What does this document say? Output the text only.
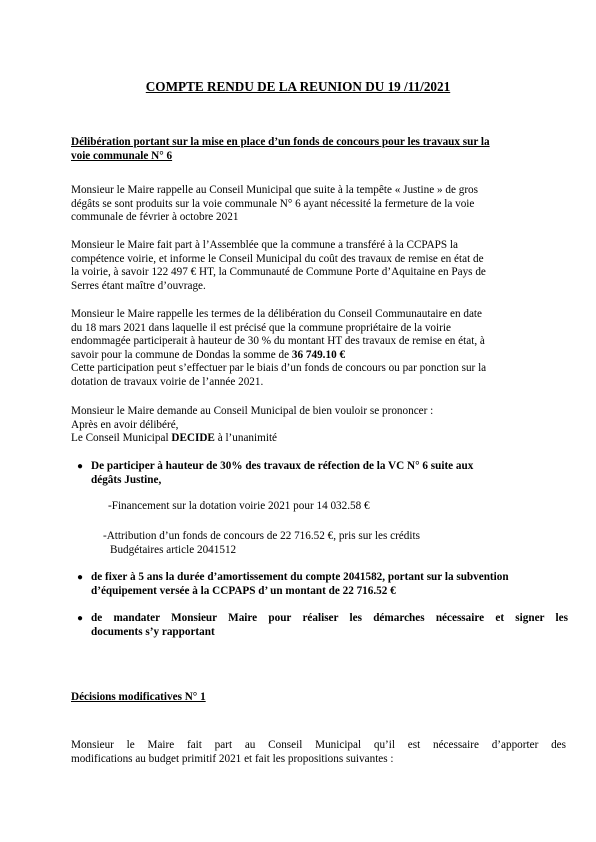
COMPTE RENDU DE LA REUNION DU 19 /11/2021
Délibération portant sur la mise en place d’un fonds de concours pour les travaux sur la
voie communale N° 6
Monsieur le Maire rappelle au Conseil Municipal que suite à la tempête « Justine » de gros
dégâts se sont produits sur la voie communale N° 6 ayant nécessité la fermeture de la voie
communale de février à octobre 2021
Monsieur le Maire fait part à l’Assemblée que la commune a transféré à la CCPAPS la
compétence voirie, et informe le Conseil Municipal du coût des travaux de remise en état de
la voirie, à savoir 122 497 € HT, la Communauté de Commune Porte d’Aquitaine en Pays de
Serres étant maître d’ouvrage.
Monsieur le Maire rappelle les termes de la délibération du Conseil Communautaire en date
du 18 mars 2021 dans laquelle il est précisé que la commune propriétaire de la voirie
endommagée participerait à hauteur de 30 % du montant HT des travaux de remise en état, à
savoir pour la commune de Dondas la somme de 36 749.10 €
Cette participation peut s’effectuer par le biais d’un fonds de concours ou par ponction sur la
dotation de travaux voirie de l’année 2021.
Monsieur le Maire demande au Conseil Municipal de bien vouloir se prononcer :
Après en avoir délibéré,
Le Conseil Municipal DECIDE à l’unanimité
● De participer à hauteur de 30% des travaux de réfection de la VC N° 6 suite aux
dégâts Justine,
-Financement sur la dotation voirie 2021 pour 14 032.58 €
-Attribution d’un fonds de concours de 22 716.52 €, pris sur les crédits
Budgétaires article 2041512
● de fixer à 5 ans la durée d’amortissement du compte 2041582, portant sur la subvention
d’équipement versée à la CCPAPS d’ un montant de 22 716.52 €
● de mandater Monsieur Maire pour réaliser les démarches nécessaire et signer les
documents s’y rapportant
Décisions modificatives N° 1
Monsieur le Maire fait part au Conseil Municipal qu’il est nécessaire d’apporter des
modifications au budget primitif 2021 et fait les propositions suivantes :
